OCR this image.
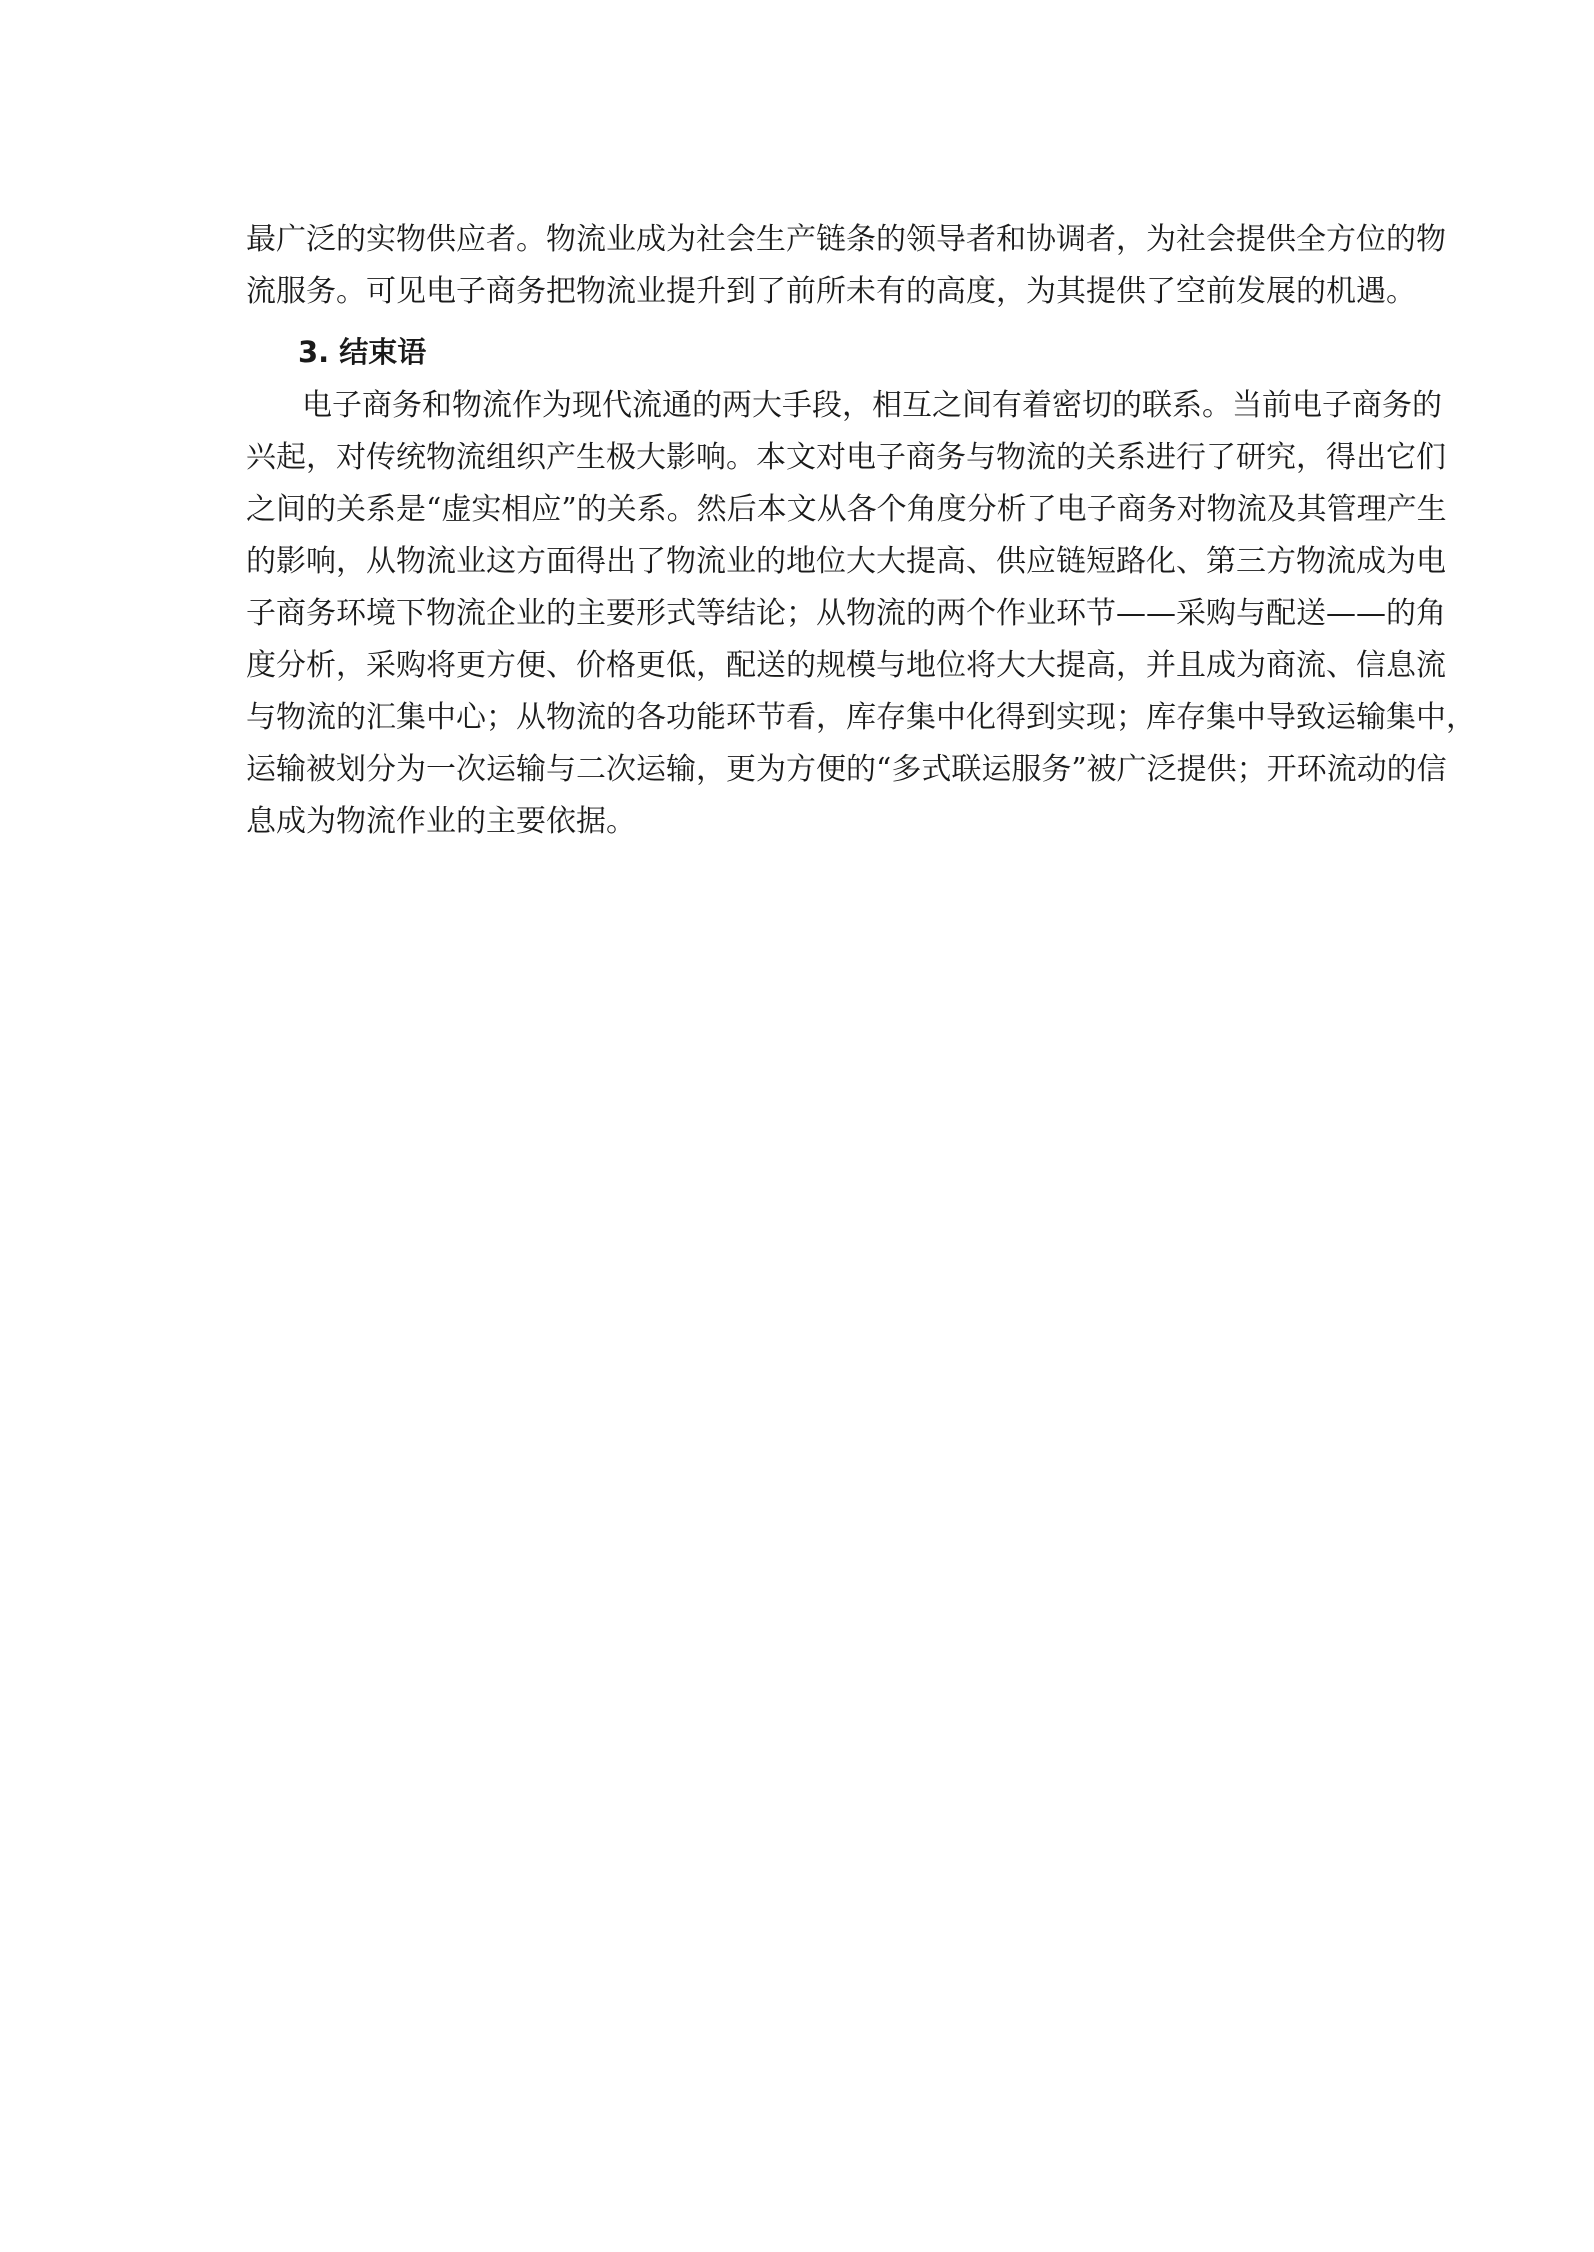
最广泛的实物供应者。物流业成为社会生产链条的领导者和协调者，为社会提供全方位的物
流服务。可见电子商务把物流业提升到了前所未有的高度，为其提供了空前发展的机遇。
3. 结束语
电子商务和物流作为现代流通的两大手段，相互之间有着密切的联系。当前电子商务的
兴起，对传统物流组织产生极大影响。本文对电子商务与物流的关系进行了研究，得出它们
之间的关系是“虚实相应”的关系。然后本文从各个角度分析了电子商务对物流及其管理产生
的影响，从物流业这方面得出了物流业的地位大大提高、供应链短路化、第三方物流成为电
子商务环境下物流企业的主要形式等结论；从物流的两个作业环节——采购与配送——的角
度分析，采购将更方便、价格更低，配送的规模与地位将大大提高，并且成为商流、信息流
与物流的汇集中心；从物流的各功能环节看，库存集中化得到实现；库存集中导致运输集中，
运输被划分为一次运输与二次运输，更为方便的“多式联运服务”被广泛提供；开环流动的信
息成为物流作业的主要依据。
